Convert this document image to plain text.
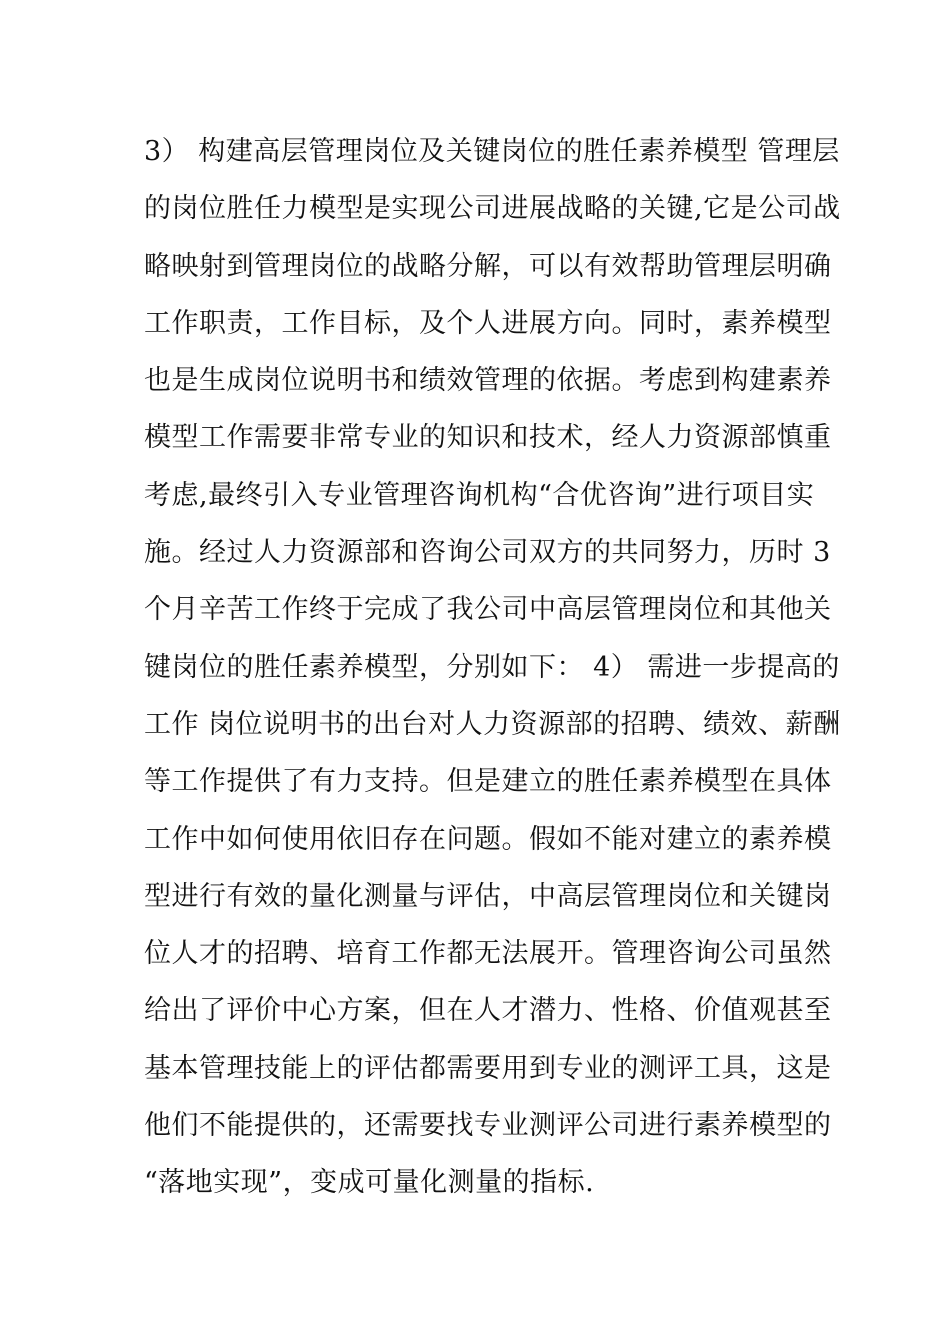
3） 构建高层管理岗位及关键岗位的胜任素养模型 管理层
的岗位胜任力模型是实现公司进展战略的关键,它是公司战
略映射到管理岗位的战略分解，可以有效帮助管理层明确
工作职责，工作目标，及个人进展方向。同时，素养模型
也是生成岗位说明书和绩效管理的依据。考虑到构建素养
模型工作需要非常专业的知识和技术，经人力资源部慎重
考虑,最终引入专业管理咨询机构“合优咨询”进行项目实
施。经过人力资源部和咨询公司双方的共同努力，历时 3
个月辛苦工作终于完成了我公司中高层管理岗位和其他关
键岗位的胜任素养模型，分别如下： 4） 需进一步提高的
工作 岗位说明书的出台对人力资源部的招聘、绩效、薪酬
等工作提供了有力支持。但是建立的胜任素养模型在具体
工作中如何使用依旧存在问题。假如不能对建立的素养模
型进行有效的量化测量与评估，中高层管理岗位和关键岗
位人才的招聘、培育工作都无法展开。管理咨询公司虽然
给出了评价中心方案，但在人才潜力、性格、价值观甚至
基本管理技能上的评估都需要用到专业的测评工具，这是
他们不能提供的，还需要找专业测评公司进行素养模型的
“落地实现”，变成可量化测量的指标.
